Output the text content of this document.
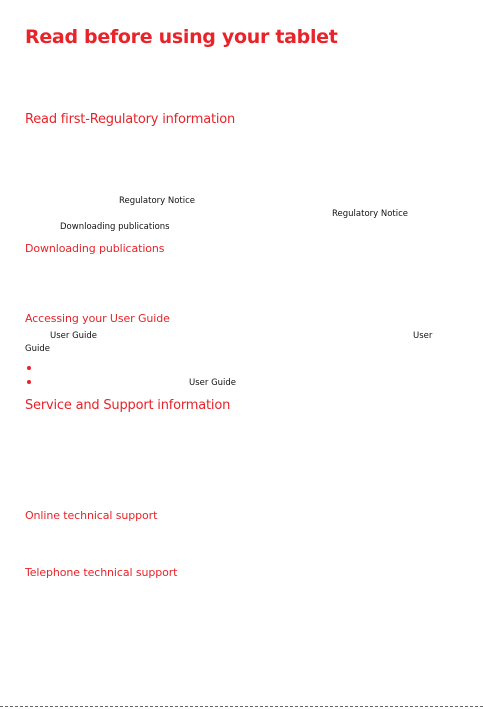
Read before using your tablet
Read first-Regulatory information
Regulatory Notice
Regulatory Notice
Downloading publications
Downloading publications
Accessing your User Guide
User Guide	User
Guide
User Guide
Service and Support information
Online technical support
Telephone technical support
